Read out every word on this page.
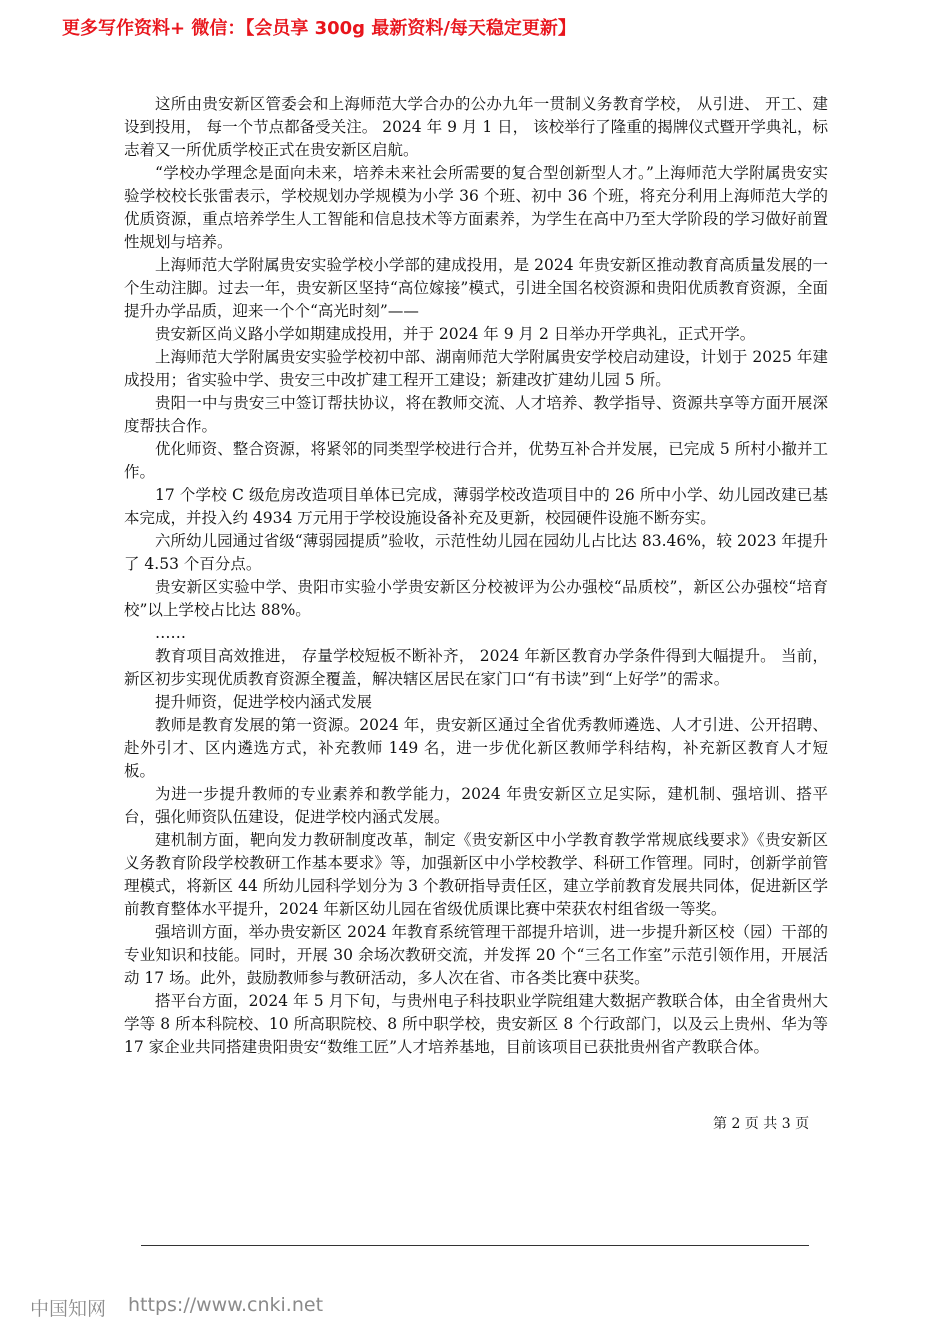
更多写作资料+ 微信：【会员享 300g 最新资料/每天稳定更新】

这所由贵安新区管委会和上海师范大学合办的公办九年一贯制义务教育学校， 从引进、 开工、建设到投用， 每一个节点都备受关注。 2024 年 9 月 1 日， 该校举行了隆重的揭牌仪式暨开学典礼，标志着又一所优质学校正式在贵安新区启航。

“学校办学理念是面向未来，培养未来社会所需要的复合型创新型人才。”上海师范大学附属贵安实验学校校长张雷表示，学校规划办学规模为小学 36 个班、初中 36 个班，将充分利用上海师范大学的优质资源，重点培养学生人工智能和信息技术等方面素养，为学生在高中乃至大学阶段的学习做好前置性规划与培养。

上海师范大学附属贵安实验学校小学部的建成投用，是 2024 年贵安新区推动教育高质量发展的一个生动注脚。过去一年，贵安新区坚持“高位嫁接”模式，引进全国名校资源和贵阳优质教育资源，全面提升办学品质，迎来一个个“高光时刻”——

贵安新区尚义路小学如期建成投用，并于 2024 年 9 月 2 日举办开学典礼，正式开学。

上海师范大学附属贵安实验学校初中部、湖南师范大学附属贵安学校启动建设，计划于 2025 年建成投用；省实验中学、贵安三中改扩建工程开工建设；新建改扩建幼儿园 5 所。

贵阳一中与贵安三中签订帮扶协议，将在教师交流、人才培养、教学指导、资源共享等方面开展深度帮扶合作。

优化师资、整合资源，将紧邻的同类型学校进行合并，优势互补合并发展，已完成 5 所村小撤并工作。

17 个学校 C 级危房改造项目单体已完成，薄弱学校改造项目中的 26 所中小学、幼儿园改建已基本完成，并投入约 4934 万元用于学校设施设备补充及更新，校园硬件设施不断夯实。

六所幼儿园通过省级“薄弱园提质”验收，示范性幼儿园在园幼儿占比达 83.46%，较 2023 年提升了 4.53 个百分点。

贵安新区实验中学、贵阳市实验小学贵安新区分校被评为公办强校“品质校”，新区公办强校“培育校”以上学校占比达 88%。

……

教育项目高效推进， 存量学校短板不断补齐， 2024 年新区教育办学条件得到大幅提升。 当前，新区初步实现优质教育资源全覆盖，解决辖区居民在家门口“有书读”到“上好学”的需求。

提升师资，促进学校内涵式发展

教师是教育发展的第一资源。2024 年，贵安新区通过全省优秀教师遴选、人才引进、公开招聘、赴外引才、区内遴选方式，补充教师 149 名，进一步优化新区教师学科结构，补充新区教育人才短板。

为进一步提升教师的专业素养和教学能力，2024 年贵安新区立足实际，建机制、强培训、搭平台，强化师资队伍建设，促进学校内涵式发展。

建机制方面，靶向发力教研制度改革，制定《贵安新区中小学教育教学常规底线要求》《贵安新区义务教育阶段学校教研工作基本要求》等，加强新区中小学校教学、科研工作管理。同时，创新学前管理模式，将新区 44 所幼儿园科学划分为 3 个教研指导责任区，建立学前教育发展共同体，促进新区学前教育整体水平提升，2024 年新区幼儿园在省级优质课比赛中荣获农村组省级一等奖。

强培训方面，举办贵安新区 2024 年教育系统管理干部提升培训，进一步提升新区校（园）干部的专业知识和技能。同时，开展 30 余场次教研交流，并发挥 20 个“三名工作室”示范引领作用，开展活动 17 场。此外，鼓励教师参与教研活动，多人次在省、市各类比赛中获奖。

搭平台方面，2024 年 5 月下旬，与贵州电子科技职业学院组建大数据产教联合体，由全省贵州大学等 8 所本科院校、10 所高职院校、8 所中职学校，贵安新区 8 个行政部门，以及云上贵州、华为等 17 家企业共同搭建贵阳贵安“数维工匠”人才培养基地，目前该项目已获批贵州省产教联合体。

第 2 页 共 3 页
中国知网 https://www.cnki.net
